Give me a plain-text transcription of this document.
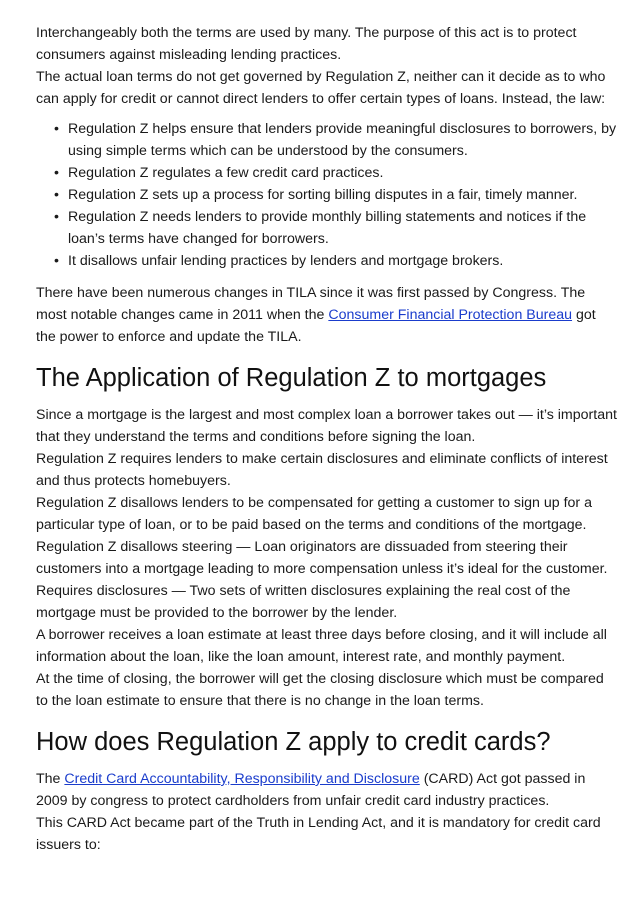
Interchangeably both the terms are used by many. The purpose of this act is to protect consumers against misleading lending practices.

The actual loan terms do not get governed by Regulation Z, neither can it decide as to who can apply for credit or cannot direct lenders to offer certain types of loans. Instead, the law:

• Regulation Z helps ensure that lenders provide meaningful disclosures to borrowers, by using simple terms which can be understood by the consumers.
• Regulation Z regulates a few credit card practices.
• Regulation Z sets up a process for sorting billing disputes in a fair, timely manner.
• Regulation Z needs lenders to provide monthly billing statements and notices if the loan’s terms have changed for borrowers.
• It disallows unfair lending practices by lenders and mortgage brokers.

There have been numerous changes in TILA since it was first passed by Congress. The most notable changes came in 2011 when the Consumer Financial Protection Bureau got the power to enforce and update the TILA.

The Application of Regulation Z to mortgages

Since a mortgage is the largest and most complex loan a borrower takes out — it’s important that they understand the terms and conditions before signing the loan.

Regulation Z requires lenders to make certain disclosures and eliminate conflicts of interest and thus protects homebuyers.

Regulation Z disallows lenders to be compensated for getting a customer to sign up for a particular type of loan, or to be paid based on the terms and conditions of the mortgage.

Regulation Z disallows steering — Loan originators are dissuaded from steering their customers into a mortgage leading to more compensation unless it’s ideal for the customer.

Requires disclosures — Two sets of written disclosures explaining the real cost of the mortgage must be provided to the borrower by the lender.

A borrower receives a loan estimate at least three days before closing, and it will include all information about the loan, like the loan amount, interest rate, and monthly payment.

At the time of closing, the borrower will get the closing disclosure which must be compared to the loan estimate to ensure that there is no change in the loan terms.

How does Regulation Z apply to credit cards?

The Credit Card Accountability, Responsibility and Disclosure (CARD) Act got passed in 2009 by congress to protect cardholders from unfair credit card industry practices.

This CARD Act became part of the Truth in Lending Act, and it is mandatory for credit card issuers to:
